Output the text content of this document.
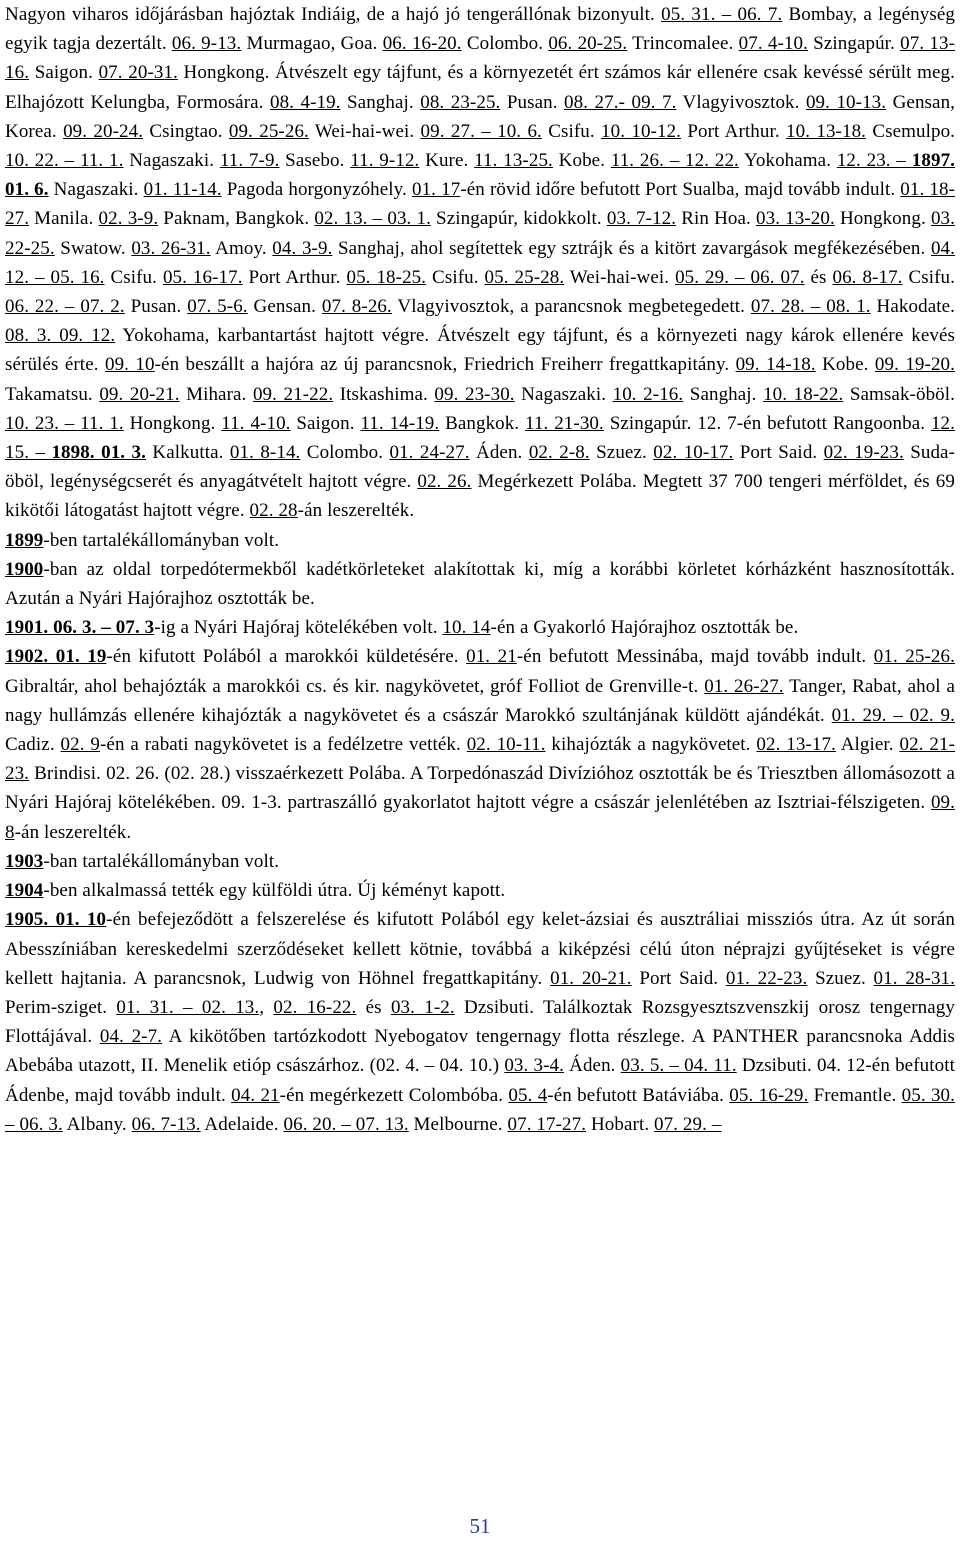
Nagyon viharos időjárásban hajóztak Indiáig, de a hajó jó tengerállónak bizonyult. 05. 31. – 06. 7. Bombay, a legénység egyik tagja dezertált. 06. 9-13. Murmagao, Goa. 06. 16-20. Colombo. 06. 20-25. Trincomalee. 07. 4-10. Szingapúr. 07. 13-16. Saigon. 07. 20-31. Hongkong. Átvészelt egy tájfunt, és a környezetét ért számos kár ellenére csak kevéssé sérült meg. Elhajózott Kelungba, Formosára. 08. 4-19. Sanghaj. 08. 23-25. Pusan. 08. 27.- 09. 7. Vlagyivosztok. 09. 10-13. Gensan, Korea. 09. 20-24. Csingtao. 09. 25-26. Wei-hai-wei. 09. 27. – 10. 6. Csifu. 10. 10-12. Port Arthur. 10. 13-18. Csemulpo. 10. 22. – 11. 1. Nagaszaki. 11. 7-9. Sasebo. 11. 9-12. Kure. 11. 13-25. Kobe. 11. 26. – 12. 22. Yokohama. 12. 23. – 1897. 01. 6. Nagaszaki. 01. 11-14. Pagoda horgonyzóhely. 01. 17-én rövid időre befutott Port Sualba, majd tovább indult. 01. 18-27. Manila. 02. 3-9. Paknam, Bangkok. 02. 13. – 03. 1. Szingapúr, kidokkolt. 03. 7-12. Rin Hoa. 03. 13-20. Hongkong. 03. 22-25. Swatow. 03. 26-31. Amoy. 04. 3-9. Sanghaj, ahol segítettek egy sztrájk és a kitört zavargások megfékezésében. 04. 12. – 05. 16. Csifu. 05. 16-17. Port Arthur. 05. 18-25. Csifu. 05. 25-28. Wei-hai-wei. 05. 29. – 06. 07. és 06. 8-17. Csifu. 06. 22. – 07. 2. Pusan. 07. 5-6. Gensan. 07. 8-26. Vlagyivosztok, a parancsnok megbetegedett. 07. 28. – 08. 1. Hakodate. 08. 3. 09. 12. Yokohama, karbantartást hajtott végre. Átvészelt egy tájfunt, és a környezeti nagy károk ellenére kevés sérülés érte. 09. 10-én beszállt a hajóra az új parancsnok, Friedrich Freiherr fregattkapitány. 09. 14-18. Kobe. 09. 19-20. Takamatsu. 09. 20-21. Mihara. 09. 21-22. Itskashima. 09. 23-30. Nagaszaki. 10. 2-16. Sanghaj. 10. 18-22. Samsak-öböl. 10. 23. – 11. 1. Hongkong. 11. 4-10. Saigon. 11. 14-19. Bangkok. 11. 21-30. Szingapúr. 12. 7-én befutott Rangoonba. 12. 15. – 1898. 01. 3. Kalkutta. 01. 8-14. Colombo. 01. 24-27. Áden. 02. 2-8. Szuez. 02. 10-17. Port Said. 02. 19-23. Suda-öböl, legénységcserét és anyagátvételt hajtott végre. 02. 26. Megérkezett Polába. Megtett 37 700 tengeri mérföldet, és 69 kikötői látogatást hajtott végre. 02. 28-án leszerelték.

1899-ben tartalékállományban volt.

1900-ban az oldal torpedótermekből kadétkörleteket alakítottak ki, míg a korábbi körletet kórházként hasznosították. Azután a Nyári Hajórajhoz osztották be.

1901. 06. 3. – 07. 3-ig a Nyári Hajóraj kötelékében volt. 10. 14-én a Gyakorló Hajórajhoz osztották be.

1902. 01. 19-én kifutott Polából a marokkói küldetésére. 01. 21-én befutott Messinába, majd tovább indult. 01. 25-26. Gibraltár, ahol behajózták a marokkói cs. és kir. nagykövetet, gróf Folliot de Grenville-t. 01. 26-27. Tanger, Rabat, ahol a nagy hullámzás ellenére kihajózták a nagykövetet és a császár Marokkó szultánjának küldött ajándékát. 01. 29. – 02. 9. Cadiz. 02. 9-én a rabati nagykövetet is a fedélzetre vették. 02. 10-11. kihajózták a nagykövetet. 02. 13-17. Algier. 02. 21-23. Brindisi. 02. 26. (02. 28.) visszaérkezett Polába. A Torpedónaszád Divízióhoz osztották be és Triesztben állomásozott a Nyári Hajóraj kötelékében. 09. 1-3. partraszálló gyakorlatot hajtott végre a császár jelenlétében az Isztriai-félszigeten. 09. 8-án leszerelték.

1903-ban tartalékállományban volt.

1904-ben alkalmassá tették egy külföldi útra. Új kéményt kapott.

1905. 01. 10-én befejeződött a felszerelése és kifutott Polából egy kelet-ázsiai és ausztráliai missziós útra. Az út során Abesszíniában kereskedelmi szerződéseket kellett kötnie, továbbá a kiképzési célú úton néprajzi gyűjtéseket is végre kellett hajtania. A parancsnok, Ludwig von Höhnel fregattkapitány. 01. 20-21. Port Said. 01. 22-23. Szuez. 01. 28-31. Perim-sziget. 01. 31. – 02. 13., 02. 16-22. és 03. 1-2. Dzsibuti. Találkoztak Rozsgyesztszvenszkij orosz tengernagy Flottájával. 04. 2-7. A kikötőben tartózkodott Nyebogatov tengernagy flotta részlege. A PANTHER parancsnoka Addis Abebába utazott, II. Menelik etióp császárhoz. (02. 4. – 04. 10.) 03. 3-4. Áden. 03. 5. – 04. 11. Dzsibuti. 04. 12-én befutott Ádenbe, majd tovább indult. 04. 21-én megérkezett Colombóba. 05. 4-én befutott Batáviába. 05. 16-29. Fremantle. 05. 30. – 06. 3. Albany. 06. 7-13. Adelaide. 06. 20. – 07. 13. Melbourne. 07. 17-27. Hobart. 07. 29. –

51
